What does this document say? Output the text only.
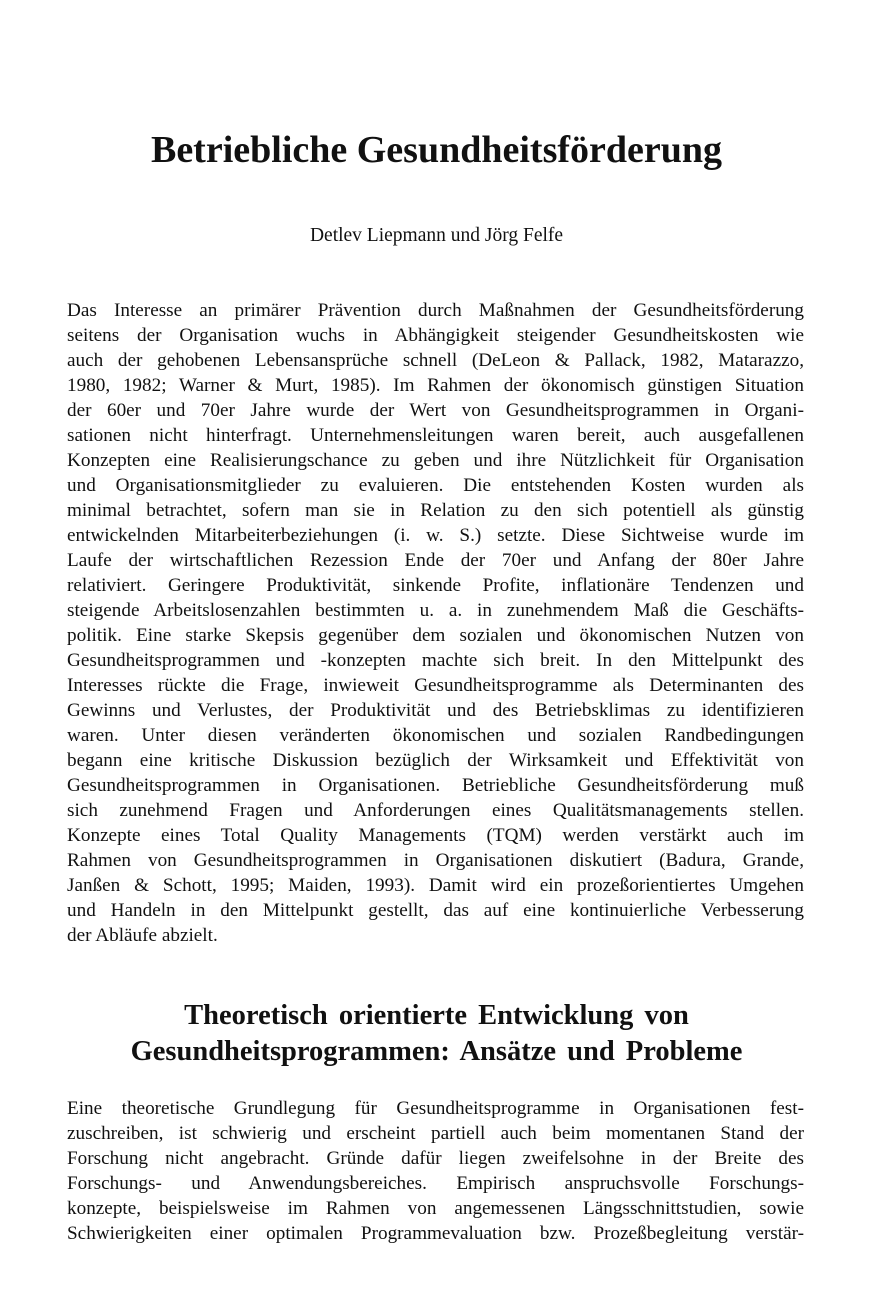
Betriebliche Gesundheitsförderung

Detlev Liepmann und Jörg Felfe

Das Interesse an primärer Prävention durch Maßnahmen der Gesundheitsförderung
seitens der Organisation wuchs in Abhängigkeit steigender Gesundheitskosten wie
auch der gehobenen Lebensansprüche schnell (DeLeon & Pallack, 1982, Matarazzo,
1980, 1982; Warner & Murt, 1985). Im Rahmen der ökonomisch günstigen Situation
der 60er und 70er Jahre wurde der Wert von Gesundheitsprogrammen in Organi-
sationen nicht hinterfragt. Unternehmensleitungen waren bereit, auch ausgefallenen
Konzepten eine Realisierungschance zu geben und ihre Nützlichkeit für Organisation
und Organisationsmitglieder zu evaluieren. Die entstehenden Kosten wurden als
minimal betrachtet, sofern man sie in Relation zu den sich potentiell als günstig
entwickelnden Mitarbeiterbeziehungen (i. w. S.) setzte. Diese Sichtweise wurde im
Laufe der wirtschaftlichen Rezession Ende der 70er und Anfang der 80er Jahre
relativiert. Geringere Produktivität, sinkende Profite, inflationäre Tendenzen und
steigende Arbeitslosenzahlen bestimmten u. a. in zunehmendem Maß die Geschäfts-
politik. Eine starke Skepsis gegenüber dem sozialen und ökonomischen Nutzen von
Gesundheitsprogrammen und -konzepten machte sich breit. In den Mittelpunkt des
Interesses rückte die Frage, inwieweit Gesundheitsprogramme als Determinanten des
Gewinns und Verlustes, der Produktivität und des Betriebsklimas zu identifizieren
waren. Unter diesen veränderten ökonomischen und sozialen Randbedingungen
begann eine kritische Diskussion bezüglich der Wirksamkeit und Effektivität von
Gesundheitsprogrammen in Organisationen. Betriebliche Gesundheitsförderung muß
sich zunehmend Fragen und Anforderungen eines Qualitätsmanagements stellen.
Konzepte eines Total Quality Managements (TQM) werden verstärkt auch im
Rahmen von Gesundheitsprogrammen in Organisationen diskutiert (Badura, Grande,
Janßen & Schott, 1995; Maiden, 1993). Damit wird ein prozeßorientiertes Umgehen
und Handeln in den Mittelpunkt gestellt, das auf eine kontinuierliche Verbesserung
der Abläufe abzielt.
Theoretisch orientierte Entwicklung von
Gesundheitsprogrammen: Ansätze und Probleme
Eine theoretische Grundlegung für Gesundheitsprogramme in Organisationen fest-
zuschreiben, ist schwierig und erscheint partiell auch beim momentanen Stand der
Forschung nicht angebracht. Gründe dafür liegen zweifelsohne in der Breite des
Forschungs- und Anwendungsbereiches. Empirisch anspruchsvolle Forschungs-
konzepte, beispielsweise im Rahmen von angemessenen Längsschnittstudien, sowie
Schwierigkeiten einer optimalen Programmevaluation bzw. Prozeßbegleitung verstär-
